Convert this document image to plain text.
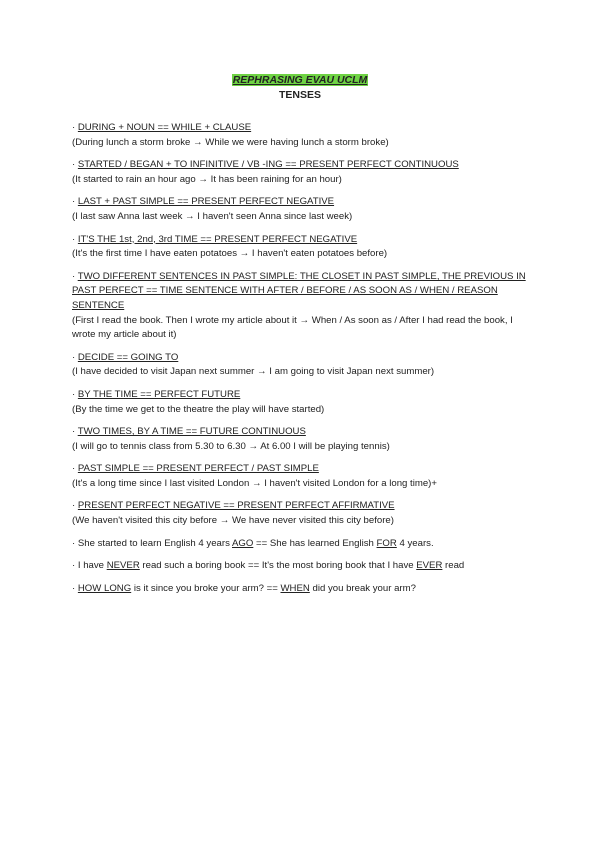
REPHRASING EVAU UCLM
TENSES
· DURING + NOUN == WHILE + CLAUSE
(During lunch a storm broke → While we were having lunch a storm broke)
· STARTED / BEGAN + TO INFINITIVE / VB -ING == PRESENT PERFECT CONTINUOUS
(It started to rain an hour ago → It has been raining for an hour)
· LAST + PAST SIMPLE == PRESENT PERFECT NEGATIVE
(I last saw Anna last week → I haven't seen Anna since last week)
· IT'S THE 1st, 2nd, 3rd TIME == PRESENT PERFECT NEGATIVE
(It's the first time I have eaten potatoes → I haven't eaten potatoes before)
· TWO DIFFERENT SENTENCES IN PAST SIMPLE: THE CLOSET IN PAST SIMPLE, THE PREVIOUS IN PAST PERFECT == TIME SENTENCE WITH AFTER / BEFORE / AS SOON AS / WHEN / REASON SENTENCE
(First I read the book. Then I wrote my article about it → When / As soon as / After I had read the book, I wrote my article about it)
· DECIDE == GOING TO
(I have decided to visit Japan next summer → I am going to visit Japan next summer)
· BY THE TIME == PERFECT FUTURE
(By the time we get to the theatre the play will have started)
· TWO TIMES, BY A TIME == FUTURE CONTINUOUS
(I will go to tennis class from 5.30 to 6.30 → At 6.00 I will be playing tennis)
· PAST SIMPLE == PRESENT PERFECT / PAST SIMPLE
(It's a long time since I last visited London → I haven't visited London for a long time)+
· PRESENT PERFECT NEGATIVE == PRESENT PERFECT AFFIRMATIVE
(We haven't visited this city before → We have never visited this city before)
· She started to learn English 4 years AGO == She has learned English FOR 4 years.
· I have NEVER read such a boring book == It's the most boring book that I have EVER read
· HOW LONG is it since you broke your arm? == WHEN did you break your arm?
